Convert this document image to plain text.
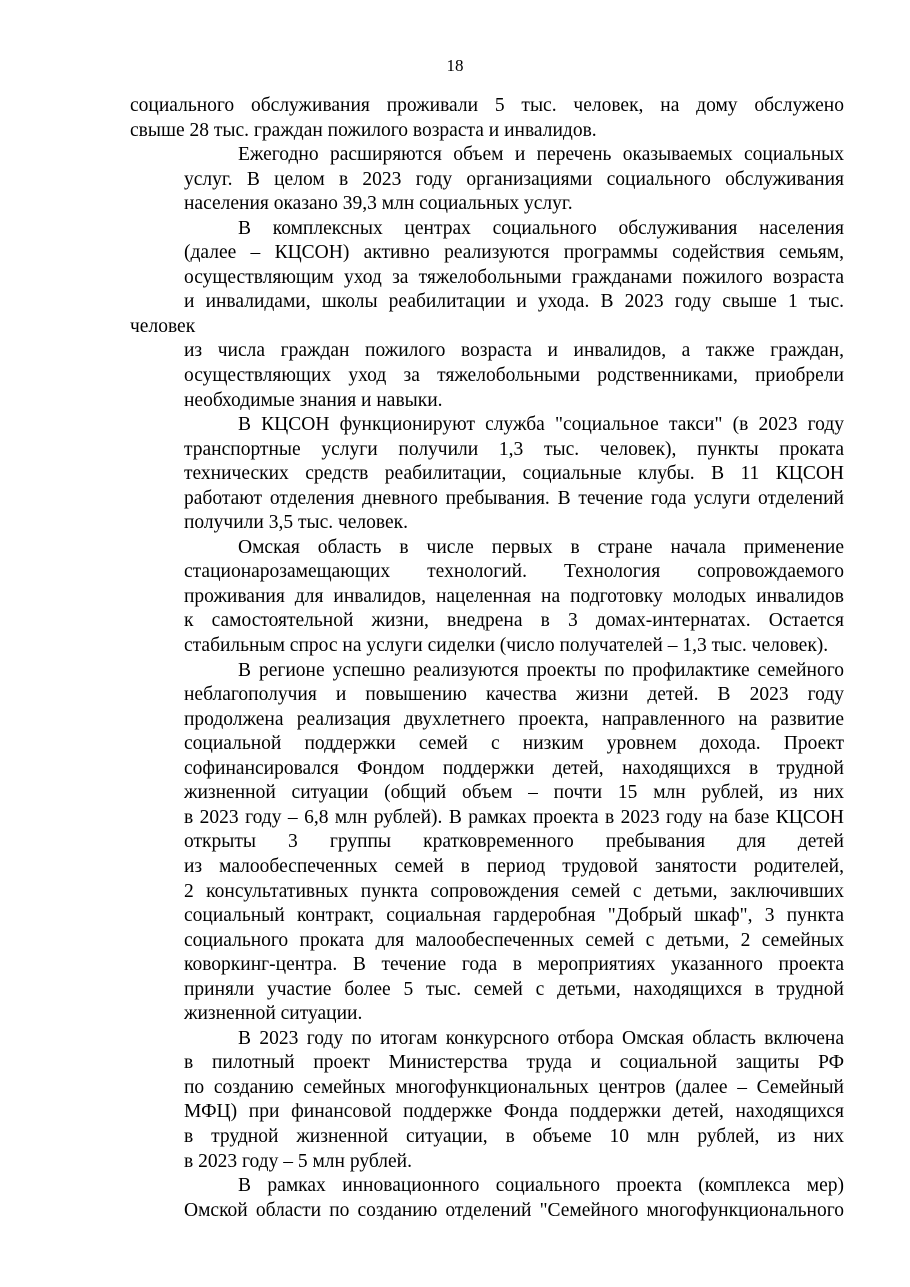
18

социального обслуживания проживали 5 тыс. человек, на дому обслужено
свыше 28 тыс. граждан пожилого возраста и инвалидов.

Ежегодно расширяются объем и перечень оказываемых социальных
услуг. В целом в 2023 году организациями социального обслуживания
населения оказано 39,3 млн социальных услуг.

В комплексных центрах социального обслуживания населения
(далее – КЦСОН) активно реализуются программы содействия семьям,
осуществляющим уход за тяжелобольными гражданами пожилого возраста
и инвалидами, школы реабилитации и ухода. В 2023 году свыше 1 тыс. человек
из числа граждан пожилого возраста и инвалидов, а также граждан,
осуществляющих уход за тяжелобольными родственниками, приобрели
необходимые знания и навыки.

В КЦСОН функционируют служба "социальное такси" (в 2023 году
транспортные услуги получили 1,3 тыс. человек), пункты проката
технических средств реабилитации, социальные клубы. В 11 КЦСОН
работают отделения дневного пребывания. В течение года услуги отделений
получили 3,5 тыс. человек.

Омская область в числе первых в стране начала применение
стационарозамещающих технологий. Технология сопровождаемого
проживания для инвалидов, нацеленная на подготовку молодых инвалидов
к самостоятельной жизни, внедрена в 3 домах-интернатах. Остается
стабильным спрос на услуги сиделки (число получателей – 1,3 тыс. человек).

В регионе успешно реализуются проекты по профилактике семейного
неблагополучия и повышению качества жизни детей. В 2023 году
продолжена реализация двухлетнего проекта, направленного на развитие
социальной поддержки семей с низким уровнем дохода. Проект
софинансировался Фондом поддержки детей, находящихся в трудной
жизненной ситуации (общий объем – почти 15 млн рублей, из них
в 2023 году – 6,8 млн рублей). В рамках проекта в 2023 году на базе КЦСОН
открыты 3 группы кратковременного пребывания для детей
из малообеспеченных семей в период трудовой занятости родителей,
2 консультативных пункта сопровождения семей с детьми, заключивших
социальный контракт, социальная гардеробная "Добрый шкаф", 3 пункта
социального проката для малообеспеченных семей с детьми, 2 семейных
коворкинг-центра. В течение года в мероприятиях указанного проекта
приняли участие более 5 тыс. семей с детьми, находящихся в трудной
жизненной ситуации.

В 2023 году по итогам конкурсного отбора Омская область включена
в пилотный проект Министерства труда и социальной защиты РФ
по созданию семейных многофункциональных центров (далее – Семейный
МФЦ) при финансовой поддержке Фонда поддержки детей, находящихся
в трудной жизненной ситуации, в объеме 10 млн рублей, из них
в 2023 году – 5 млн рублей.

В рамках инновационного социального проекта (комплекса мер)
Омской области по созданию отделений "Семейного многофункционального
